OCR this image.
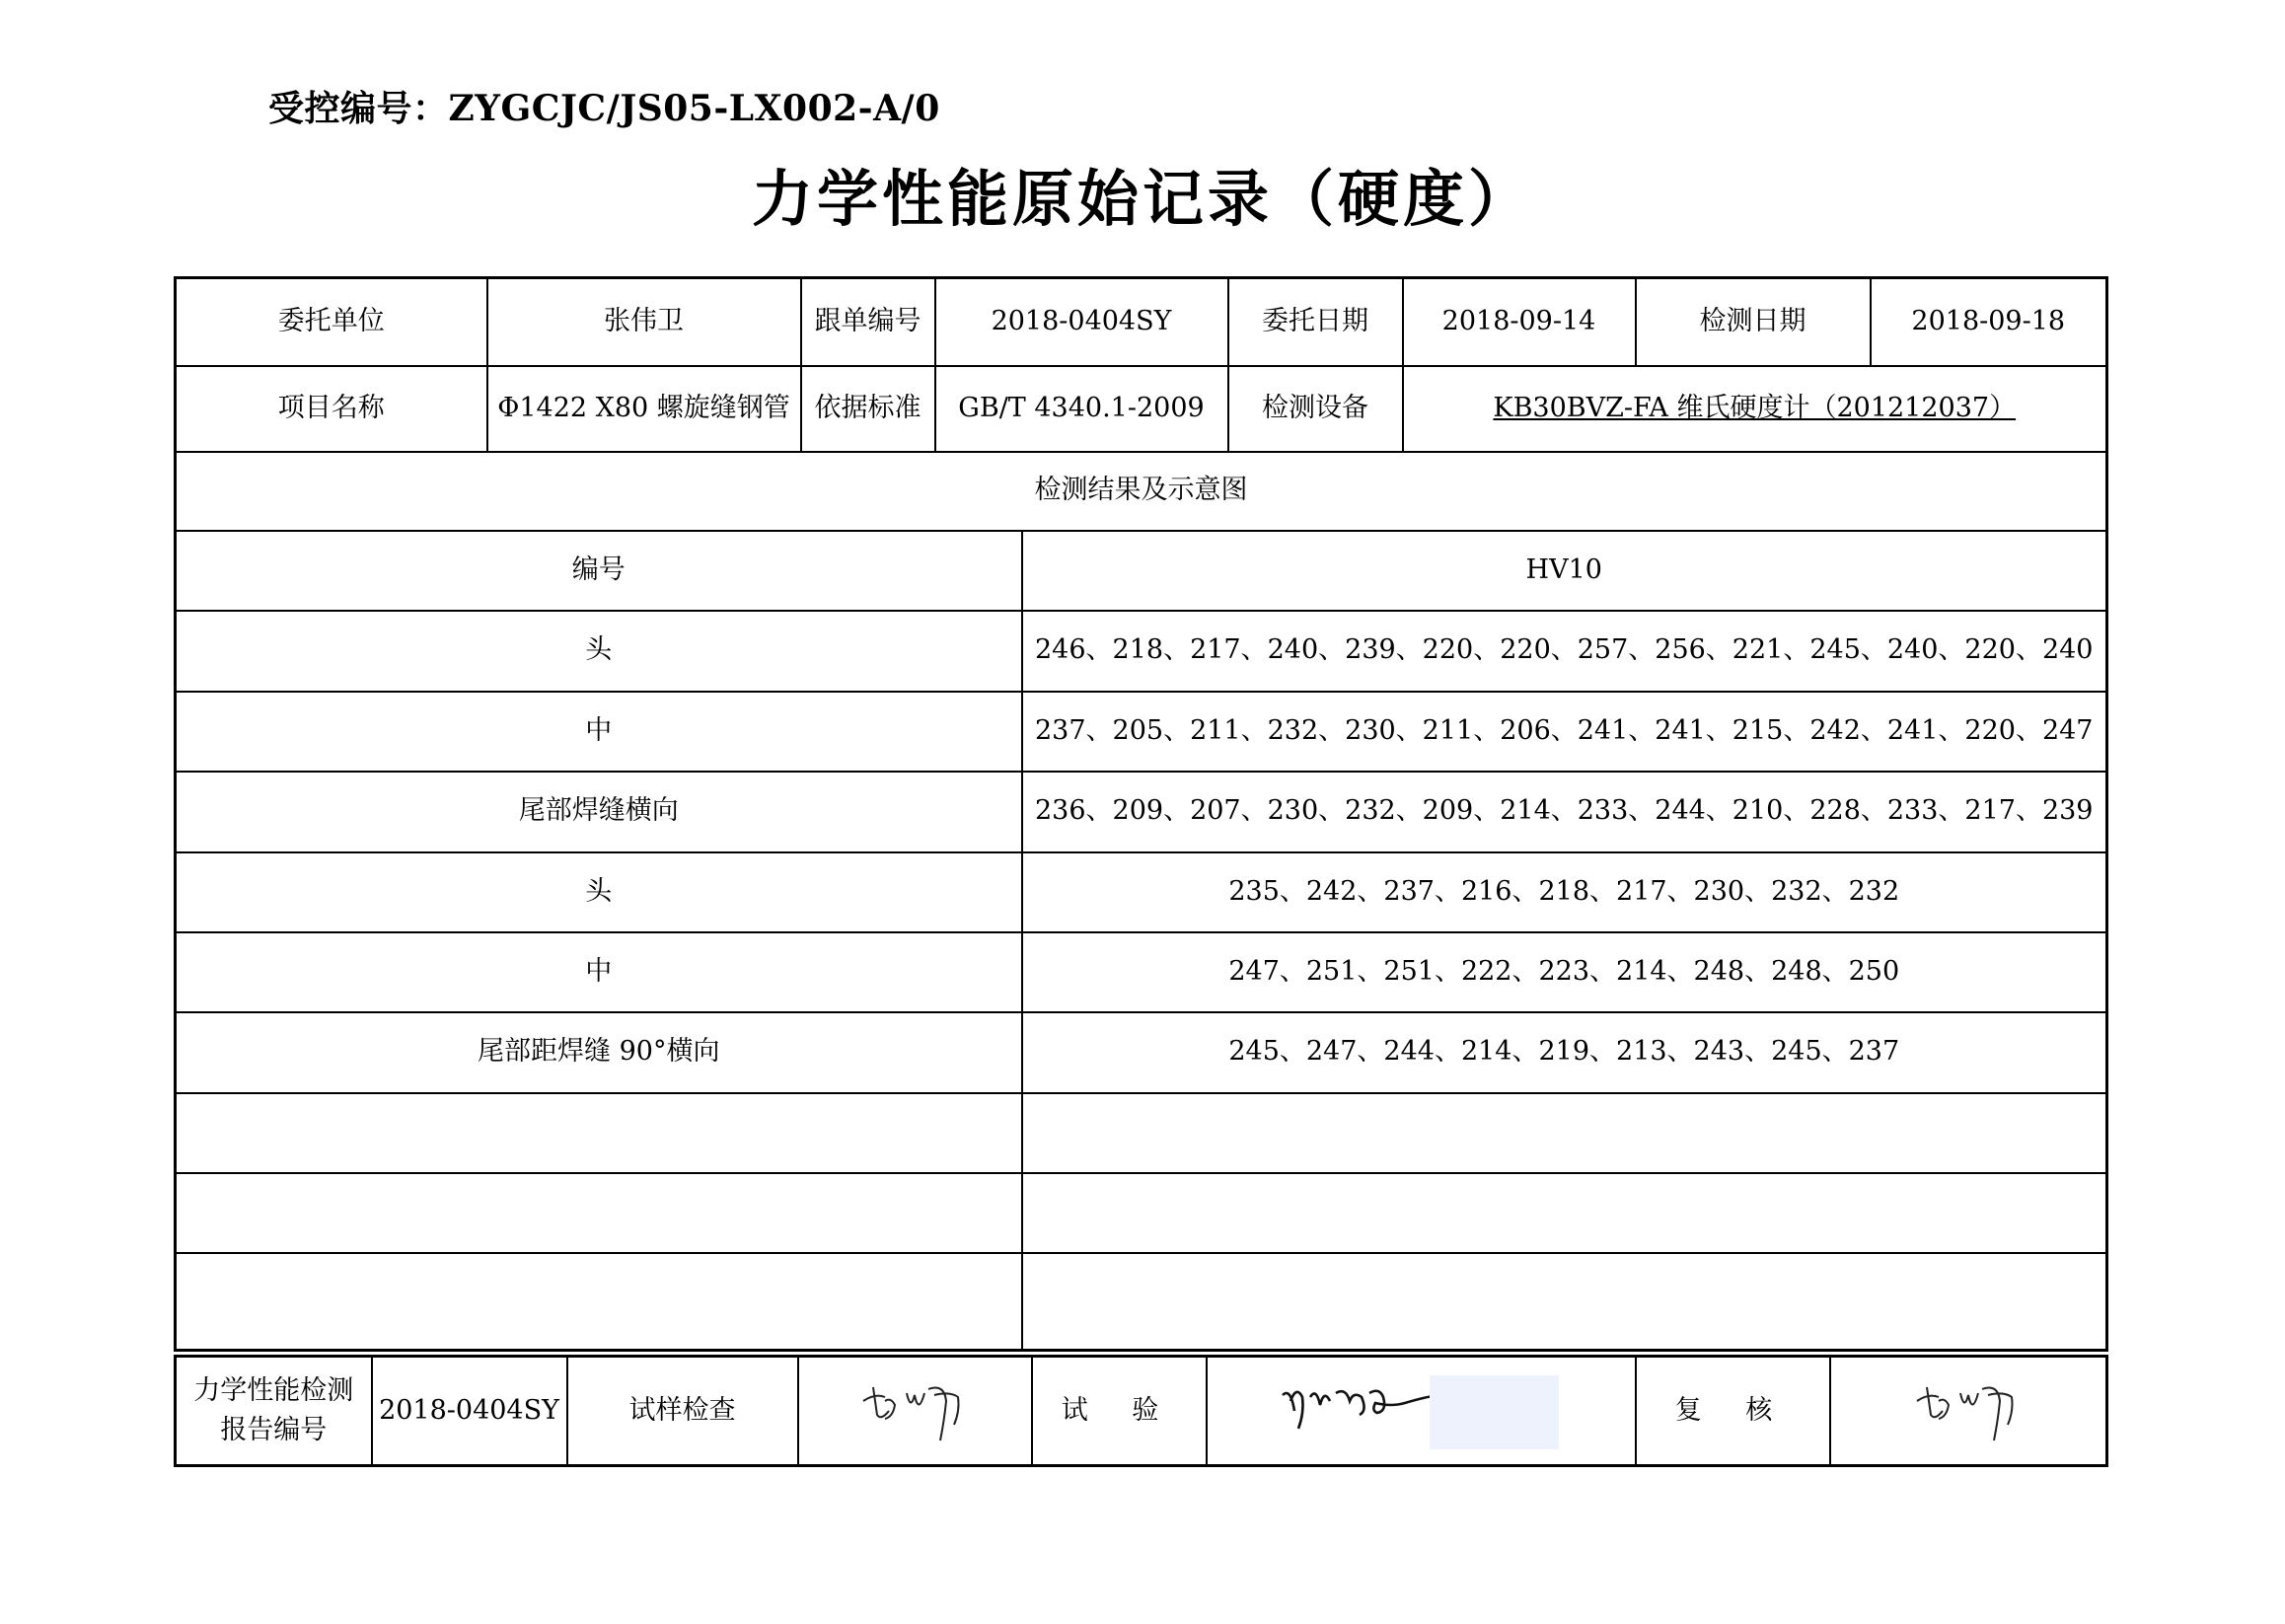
受控编号：ZYGCJC/JS05-LX002-A/0
力学性能原始记录（硬度）
委托单位	张伟卫	跟单编号	2018-0404SY		委托日期	2018-09-14	检测日期	2018-09-18
项目名称	Φ1422 X80 螺旋缝钢管	依据标准	GB/T 4340.1-2009		检测设备	KB30BVZ-FA 维氏硬度计（201212037）		
检测结果及示意图								
编号				HV10				
头				246、218、217、240、239、220、220、257、256、221、245、240、220、240				
中				237、205、211、232、230、211、206、241、241、215、242、241、220、247				
尾部焊缝横向				236、209、207、230、232、209、214、233、244、210、228、233、217、239				
头				235、242、237、216、218、217、230、232、232				
中				247、251、251、222、223、214、248、248、250				
尾部距焊缝 90°横向				245、247、244、214、219、213、243、245、237				

力学性能检测报告编号	2018-0404SY	试样检查		试 验		复 核	
